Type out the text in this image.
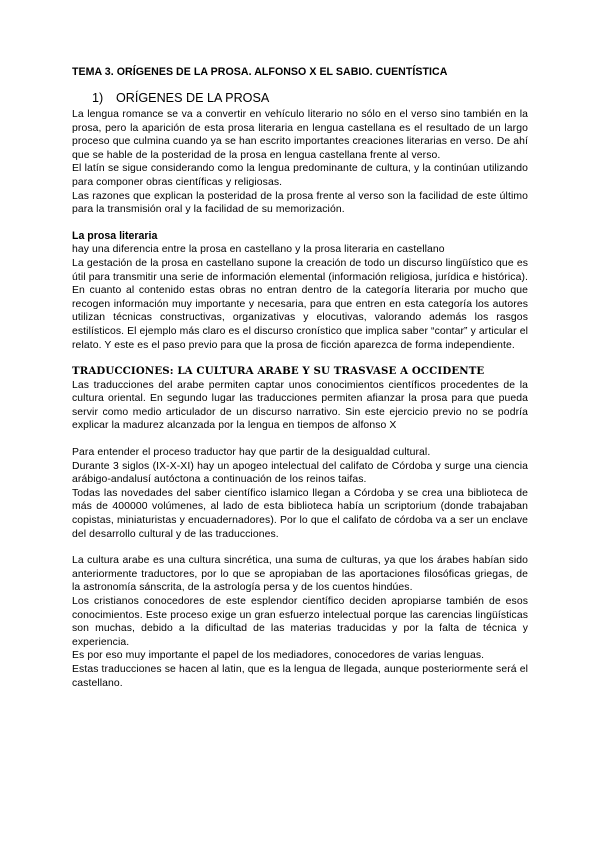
TEMA 3. ORÍGENES DE LA PROSA. ALFONSO X EL SABIO. CUENTÍSTICA
1) ORÍGENES DE LA PROSA

La lengua romance se va a convertir en vehículo literario no sólo en el verso sino también en la prosa, pero la aparición de esta prosa literaria en lengua castellana es el resultado de un largo proceso que culmina cuando ya se han escrito importantes creaciones literarias en verso. De ahí que se hable de la posteridad de la prosa en lengua castellana frente al verso.

El latín se sigue considerando como la lengua predominante de cultura, y la continúan utilizando para componer obras científicas y religiosas.

Las razones que explican la posteridad de la prosa frente al verso son la facilidad de este último para la transmisión oral y la facilidad de su memorización.

La prosa literaria

hay una diferencia entre la prosa en castellano y la prosa literaria en castellano

La gestación de la prosa en castellano supone la creación de todo un discurso lingüístico que es útil para transmitir una serie de información elemental (información religiosa, jurídica e histórica). En cuanto al contenido estas obras no entran dentro de la categoría literaria por mucho que recogen información muy importante y necesaria, para que entren en esta categoría los autores utilizan técnicas constructivas, organizativas y elocutivas, valorando además los rasgos estilísticos. El ejemplo más claro es el discurso cronístico que implica saber “contar” y articular el relato. Y este es el paso previo para que la prosa de ficción aparezca de forma independiente.

TRADUCCIONES: LA CULTURA ARABE Y SU TRASVASE A OCCIDENTE

Las traducciones del arabe permiten captar unos conocimientos científicos procedentes de la cultura oriental. En segundo lugar las traducciones permiten afianzar la prosa para que pueda servir como medio articulador de un discurso narrativo. Sin este ejercicio previo no se podría explicar la madurez alcanzada por la lengua en tiempos de alfonso X

Para entender el proceso traductor hay que partir de la desigualdad cultural.

Durante 3 siglos (IX-X-XI) hay un apogeo intelectual del califato de Córdoba y surge una ciencia arábigo-andalusí autóctona a continuación de los reinos taifas.

Todas las novedades del saber científico islamico llegan a Córdoba y se crea una biblioteca de más de 400000 volúmenes, al lado de esta biblioteca había un scriptorium (donde trabajaban copistas, miniaturistas y encuadernadores). Por lo que el califato de córdoba va a ser un enclave del desarrollo cultural y de las traducciones.

La cultura arabe es una cultura sincrética, una suma de culturas, ya que los árabes habían sido anteriormente traductores, por lo que se apropiaban de las aportaciones filosóficas griegas, de la astronomía sánscrita, de la astrología persa y de los cuentos hindúes.

Los cristianos conocedores de este esplendor científico deciden apropiarse también de esos conocimientos. Este proceso exige un gran esfuerzo intelectual porque las carencias lingüísticas son muchas, debido a la dificultad de las materias traducidas y por la falta de técnica y experiencia.

Es por eso muy importante el papel de los mediadores, conocedores de varias lenguas.

Estas traducciones se hacen al latin, que es la lengua de llegada, aunque posteriormente será el castellano.
